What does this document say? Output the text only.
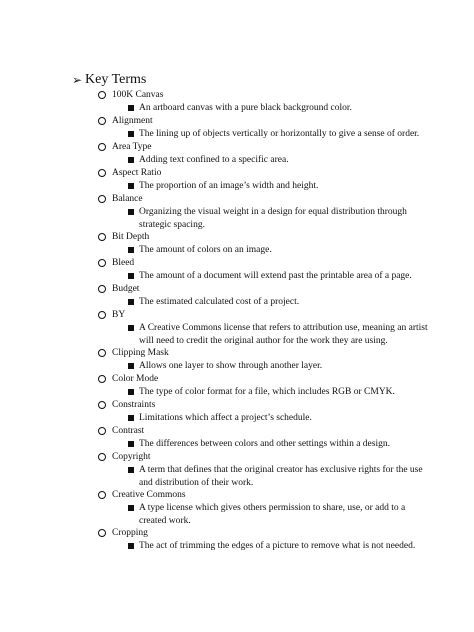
➢ Key Terms
100K Canvas
An artboard canvas with a pure black background color.
Alignment
The lining up of objects vertically or horizontally to give a sense of order.
Area Type
Adding text confined to a specific area.
Aspect Ratio
The proportion of an image’s width and height.
Balance
Organizing the visual weight in a design for equal distribution through strategic spacing.
Bit Depth
The amount of colors on an image.
Bleed
The amount of a document will extend past the printable area of a page.
Budget
The estimated calculated cost of a project.
BY
A Creative Commons license that refers to attribution use, meaning an artist will need to credit the original author for the work they are using.
Clipping Mask
Allows one layer to show through another layer.
Color Mode
The type of color format for a file, which includes RGB or CMYK.
Constraints
Limitations which affect a project’s schedule.
Contrast
The differences between colors and other settings within a design.
Copyright
A term that defines that the original creator has exclusive rights for the use and distribution of their work.
Creative Commons
A type license which gives others permission to share, use, or add to a created work.
Cropping
The act of trimming the edges of a picture to remove what is not needed.
